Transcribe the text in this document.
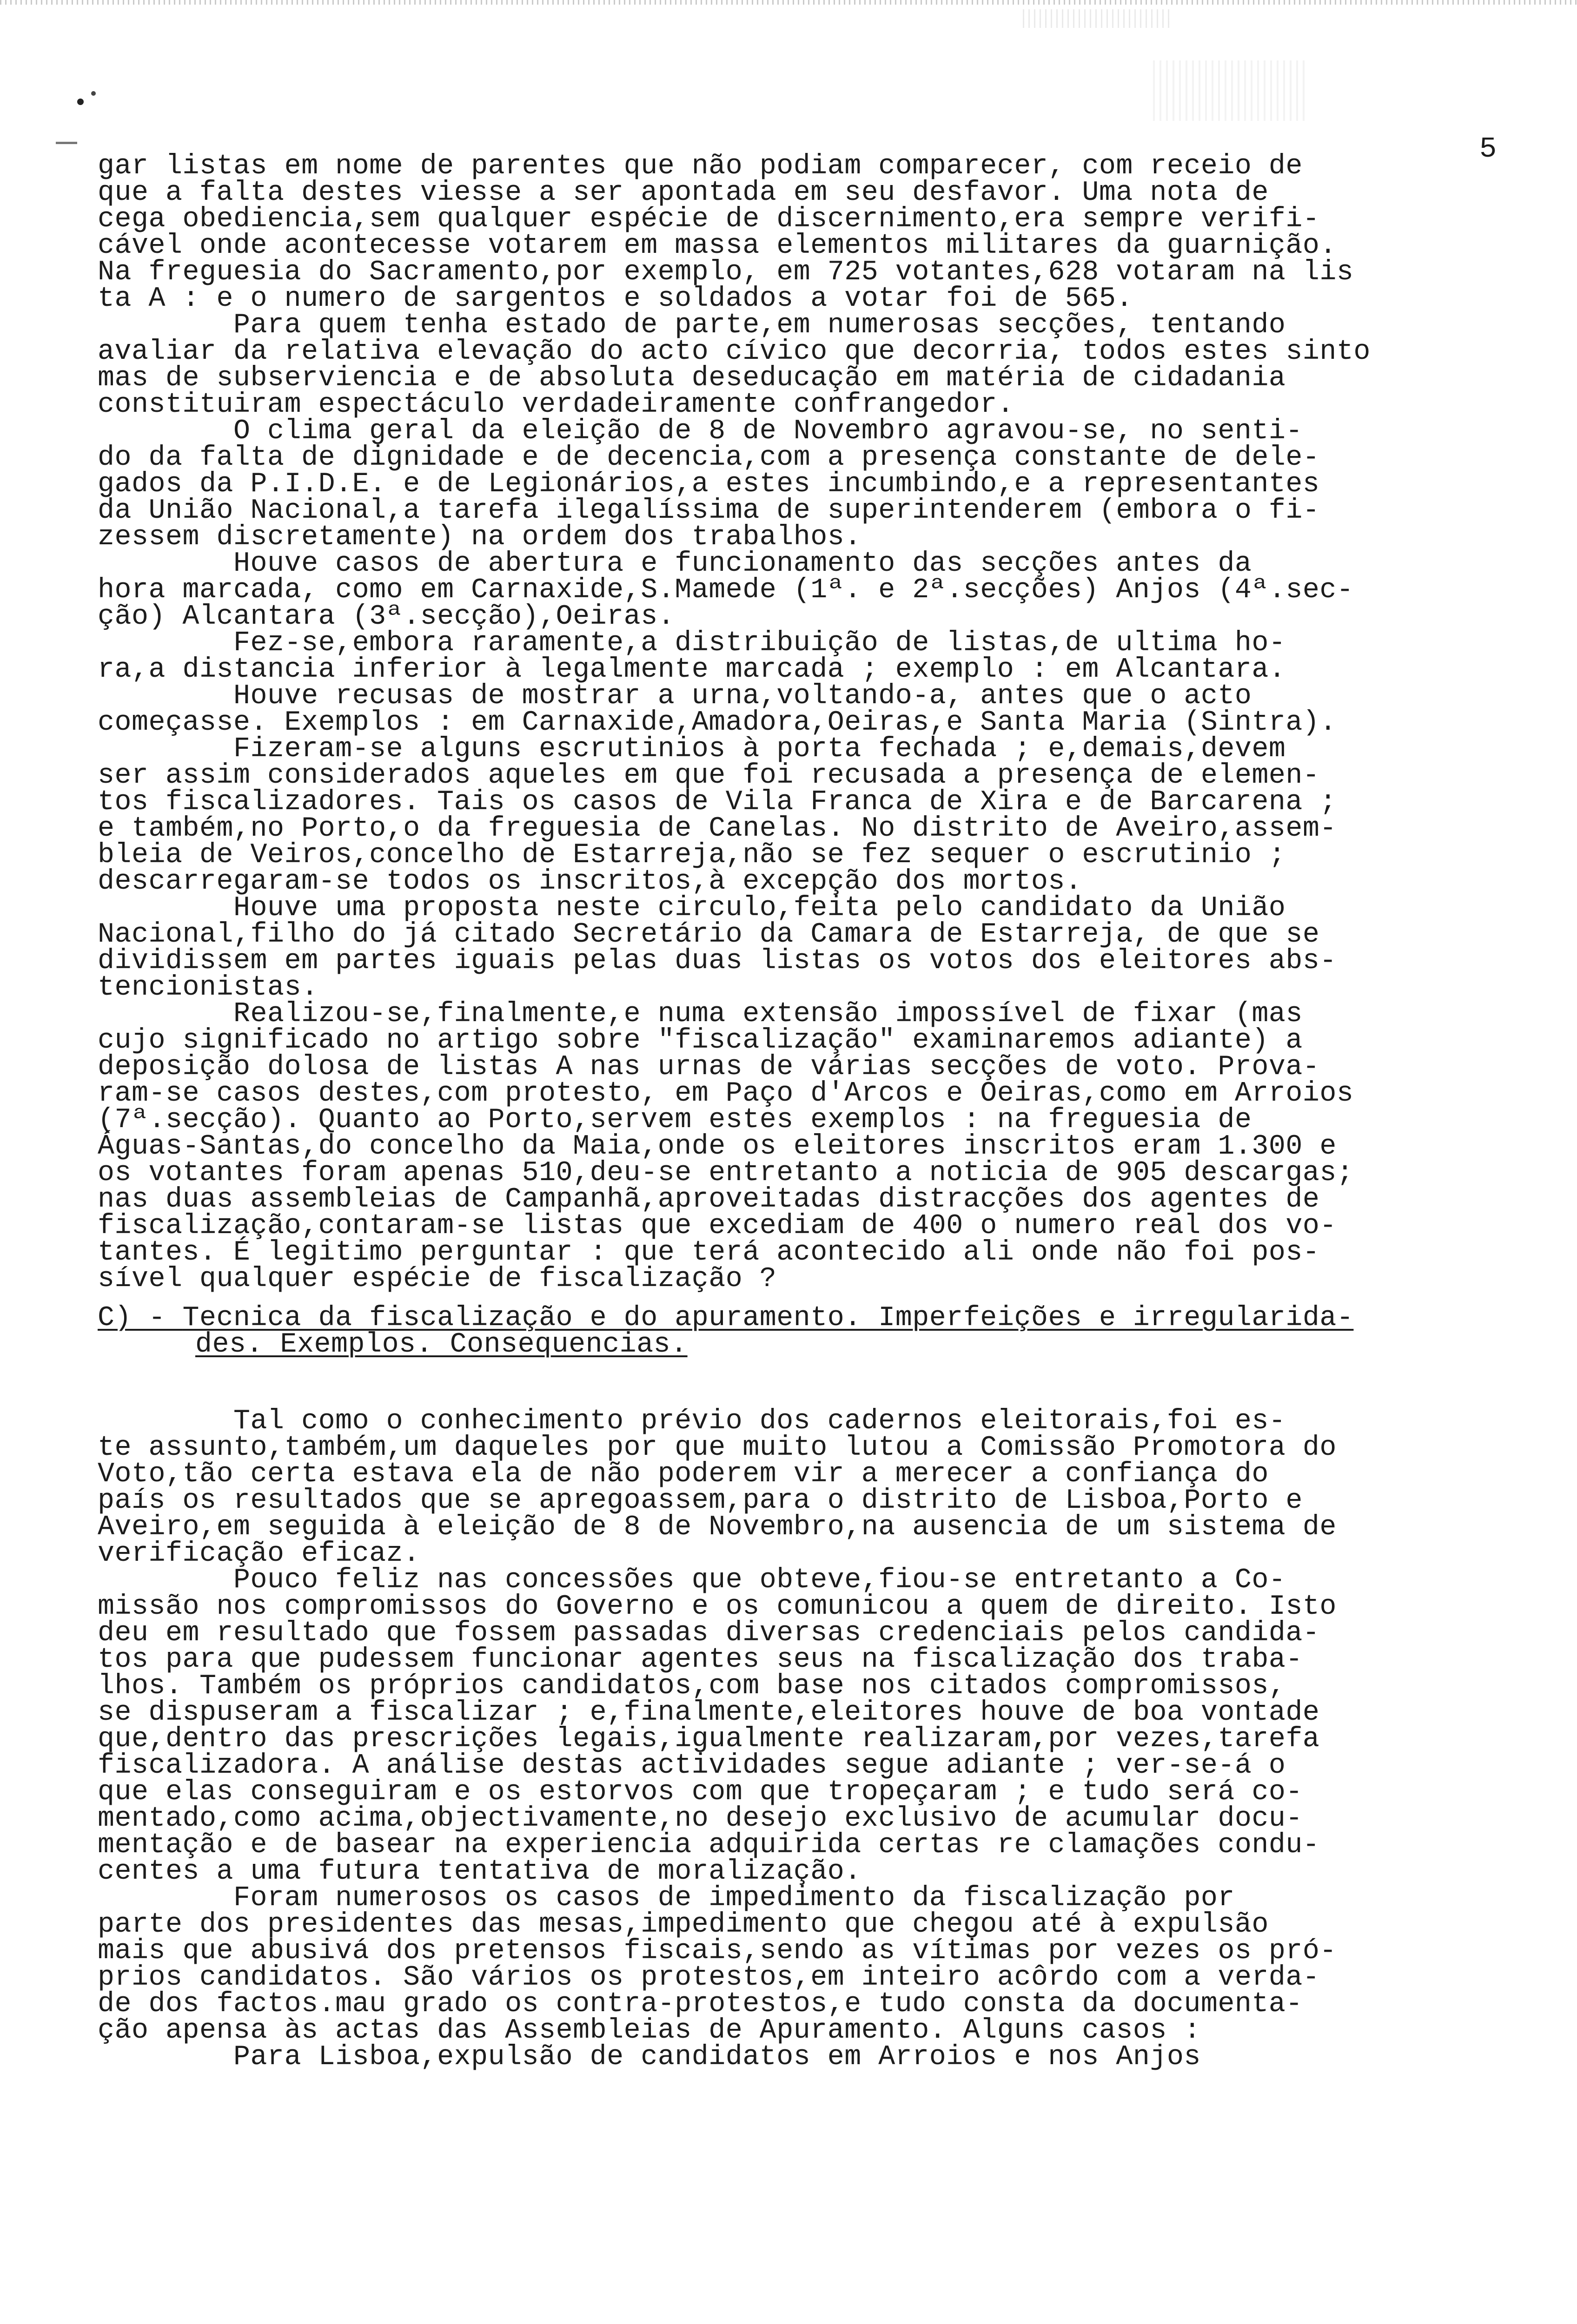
5
gar listas em nome de parentes que não podiam comparecer, com receio de
que a falta destes viesse a ser apontada em seu desfavor. Uma nota de
cega obediencia,sem qualquer espécie de discernimento,era sempre verifi-
cável onde acontecesse votarem em massa elementos militares da guarnição.
Na freguesia do Sacramento,por exemplo, em 725 votantes,628 votaram na lis
ta A : e o numero de sargentos e soldados a votar foi de 565.
Para quem tenha estado de parte,em numerosas secções, tentando
avaliar da relativa elevação do acto cívico que decorria, todos estes sinto
mas de subserviencia e de absoluta deseducação em matéria de cidadania
constituiram espectáculo verdadeiramente confrangedor.
O clima geral da eleição de 8 de Novembro agravou-se, no senti-
do da falta de dignidade e de decencia,com a presença constante de dele-
gados da P.I.D.E. e de Legionários,a estes incumbindo,e a representantes
da União Nacional,a tarefa ilegalíssima de superintenderem (embora o fi-
zessem discretamente) na ordem dos trabalhos.
Houve casos de abertura e funcionamento das secções antes da
hora marcada, como em Carnaxide,S.Mamede (1ª. e 2ª.secções) Anjos (4ª.sec-
ção) Alcantara (3ª.secção),Oeiras.
Fez-se,embora raramente,a distribuição de listas,de ultima ho-
ra,a distancia inferior à legalmente marcada ; exemplo : em Alcantara.
Houve recusas de mostrar a urna,voltando-a, antes que o acto
começasse. Exemplos : em Carnaxide,Amadora,Oeiras,e Santa Maria (Sintra).
Fizeram-se alguns escrutinios à porta fechada ; e,demais,devem
ser assim considerados aqueles em que foi recusada a presença de elemen-
tos fiscalizadores. Tais os casos de Vila Franca de Xira e de Barcarena ;
e também,no Porto,o da freguesia de Canelas. No distrito de Aveiro,assem-
bleia de Veiros,concelho de Estarreja,não se fez sequer o escrutinio ;
descarregaram-se todos os inscritos,à excepção dos mortos.
Houve uma proposta neste circulo,feita pelo candidato da União
Nacional,filho do já citado Secretário da Camara de Estarreja, de que se
dividissem em partes iguais pelas duas listas os votos dos eleitores abs-
tencionistas.
Realizou-se,finalmente,e numa extensão impossível de fixar (mas
cujo significado no artigo sobre "fiscalização" examinaremos adiante) a
deposição dolosa de listas A nas urnas de várias secções de voto. Prova-
ram-se casos destes,com protesto, em Paço d'Arcos e Oeiras,como em Arroios
(7ª.secção). Quanto ao Porto,servem estes exemplos : na freguesia de
Águas-Santas,do concelho da Maia,onde os eleitores inscritos eram 1.300 e
os votantes foram apenas 510,deu-se entretanto a noticia de 905 descargas;
nas duas assembleias de Campanhã,aproveitadas distracções dos agentes de
fiscalização,contaram-se listas que excediam de 400 o numero real dos vo-
tantes. É legitimo perguntar : que terá acontecido ali onde não foi pos-
sível qualquer espécie de fiscalização ?
C) - Tecnica da fiscalização e do apuramento. Imperfeições e irregularida-
des. Exemplos. Consequencias.
Tal como o conhecimento prévio dos cadernos eleitorais,foi es-
te assunto,também,um daqueles por que muito lutou a Comissão Promotora do
Voto,tão certa estava ela de não poderem vir a merecer a confiança do
país os resultados que se apregoassem,para o distrito de Lisboa,Porto e
Aveiro,em seguida à eleição de 8 de Novembro,na ausencia de um sistema de
verificação eficaz.
Pouco feliz nas concessões que obteve,fiou-se entretanto a Co-
missão nos compromissos do Governo e os comunicou a quem de direito. Isto
deu em resultado que fossem passadas diversas credenciais pelos candida-
tos para que pudessem funcionar agentes seus na fiscalização dos traba-
lhos. Também os próprios candidatos,com base nos citados compromissos,
se dispuseram a fiscalizar ; e,finalmente,eleitores houve de boa vontade
que,dentro das prescrições legais,igualmente realizaram,por vezes,tarefa
fiscalizadora. A análise destas actividades segue adiante ; ver-se-á o
que elas conseguiram e os estorvos com que tropeçaram ; e tudo será co-
mentado,como acima,objectivamente,no desejo exclusivo de acumular docu-
mentação e de basear na experiencia adquirida certas re clamações condu-
centes a uma futura tentativa de moralização.
Foram numerosos os casos de impedimento da fiscalização por
parte dos presidentes das mesas,impedimento que chegou até à expulsão
mais que abusivá dos pretensos fiscais,sendo as vítimas por vezes os pró-
prios candidatos. São vários os protestos,em inteiro acôrdo com a verda-
de dos factos.mau grado os contra-protestos,e tudo consta da documenta-
ção apensa às actas das Assembleias de Apuramento. Alguns casos :
Para Lisboa,expulsão de candidatos em Arroios e nos Anjos
